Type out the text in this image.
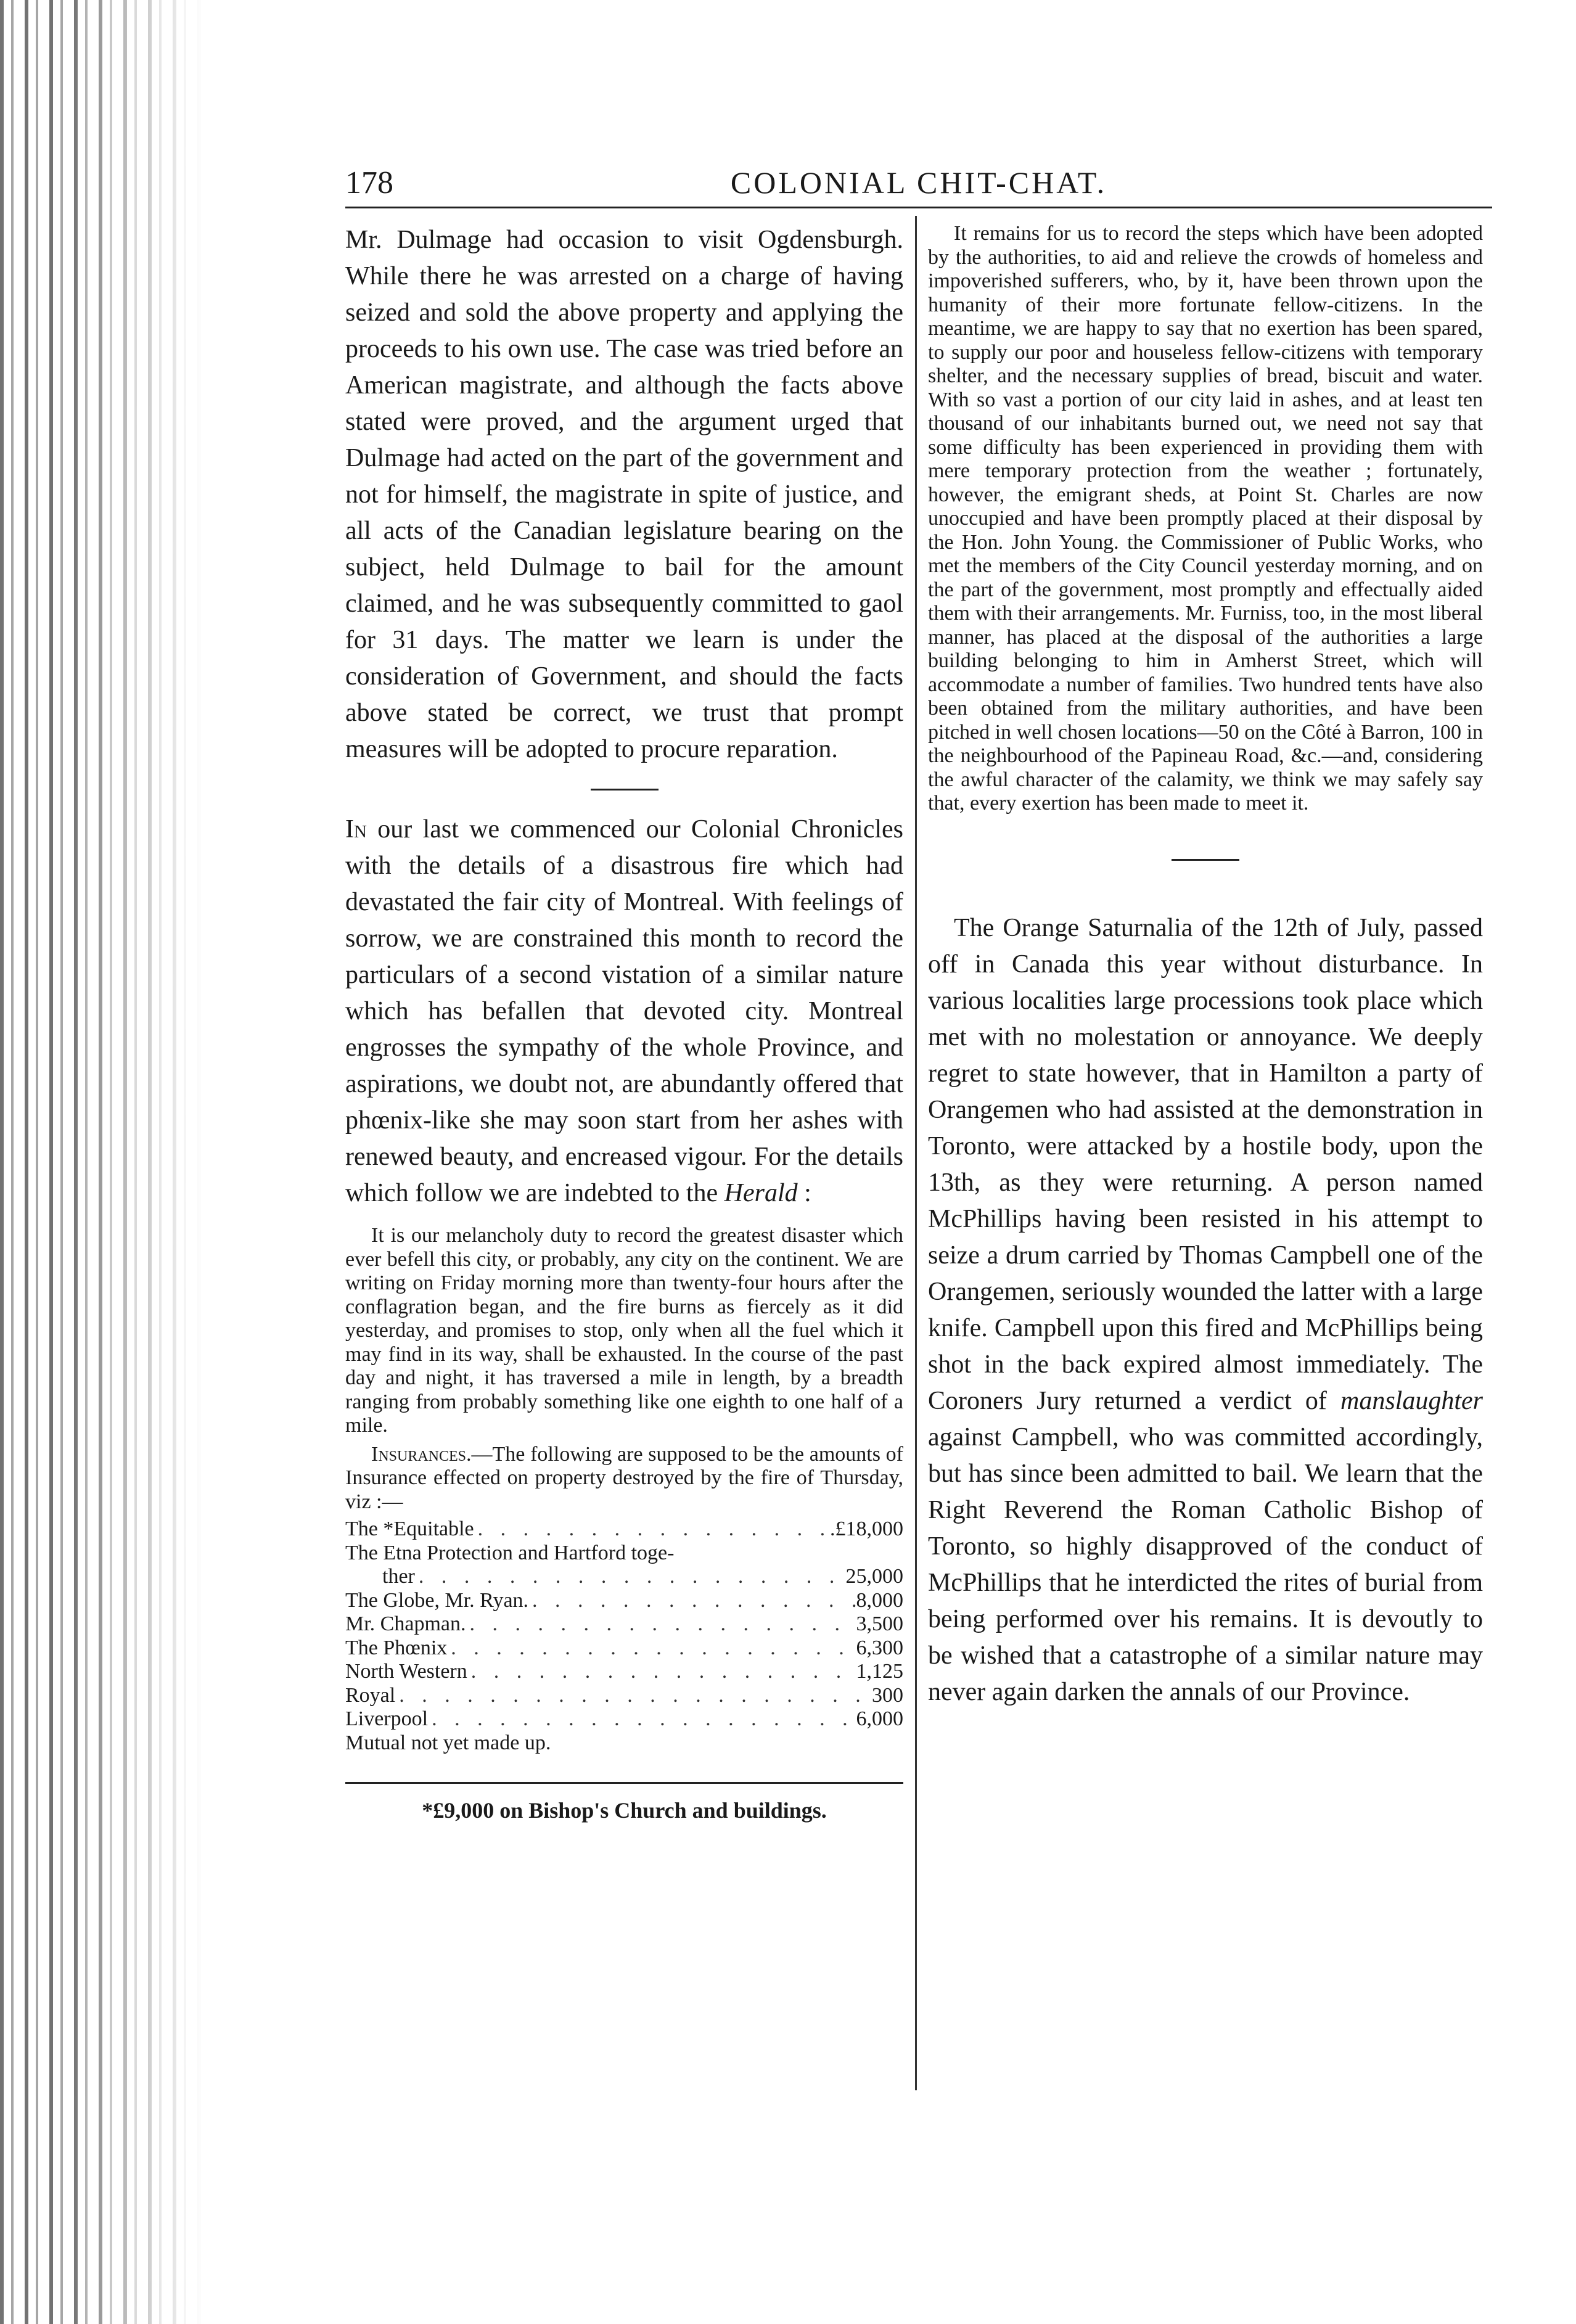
178	COLONIAL CHIT-CHAT.

Mr. Dulmage had occasion to visit Ogdensburgh. While there he was arrested on a charge of having seized and sold the above property and applying the proceeds to his own use. The case was tried before an American magistrate, and although the facts above stated were proved, and the argument urged that Dulmage had acted on the part of the government and not for himself, the magistrate in spite of justice, and all acts of the Canadian legislature bearing on the subject, held Dulmage to bail for the amount claimed, and he was subsequently committed to gaol for 31 days. The matter we learn is under the consideration of Government, and should the facts above stated be correct, we trust that prompt measures will be adopted to procure reparation.

In our last we commenced our Colonial Chronicles with the details of a disastrous fire which had devastated the fair city of Montreal. With feelings of sorrow, we are constrained this month to record the particulars of a second vistation of a similar nature which has befallen that devoted city. Montreal engrosses the sympathy of the whole Province, and aspirations, we doubt not, are abundantly offered that phœnix-like she may soon start from her ashes with renewed beauty, and encreased vigour. For the details which follow we are indebted to the Herald :

It is our melancholy duty to record the greatest disaster which ever befell this city, or probably, any city on the continent. We are writing on Friday morning more than twenty-four hours after the conflagration began, and the fire burns as fiercely as it did yesterday, and promises to stop, only when all the fuel which it may find in its way, shall be exhausted. In the course of the past day and night, it has traversed a mile in length, by a breadth ranging from probably something like one eighth to one half of a mile.

Insurances.—The following are supposed to be the amounts of Insurance effected on property destroyed by the fire of Thursday, viz :—

The *Equitable . . .	.£18,000
The Etna Protection and Hartford toge-
ther . . .	25,000
The Globe, Mr. Ryan. . . .	8,000
Mr. Chapman. . . .	3,500
The Phœnix . . .	6,300
North Western . . .	1,125
Royal . . .	300
Liverpool . . .	6,000
Mutual not yet made up.
*£9,000 on Bishop's Church and buildings.

It remains for us to record the steps which have been adopted by the authorities, to aid and relieve the crowds of homeless and impoverished sufferers, who, by it, have been thrown upon the humanity of their more fortunate fellow-citizens. In the meantime, we are happy to say that no exertion has been spared, to supply our poor and houseless fellow-citizens with temporary shelter, and the necessary supplies of bread, biscuit and water. With so vast a portion of our city laid in ashes, and at least ten thousand of our inhabitants burned out, we need not say that some difficulty has been experienced in providing them with mere temporary protection from the weather ; fortunately, however, the emigrant sheds, at Point St. Charles are now unoccupied and have been promptly placed at their disposal by the Hon. John Young. the Commissioner of Public Works, who met the members of the City Council yesterday morning, and on the part of the government, most promptly and effectually aided them with their arrangements. Mr. Furniss, too, in the most liberal manner, has placed at the disposal of the authorities a large building belonging to him in Amherst Street, which will accommodate a number of families. Two hundred tents have also been obtained from the military authorities, and have been pitched in well chosen locations—50 on the Côté à Barron, 100 in the neighbourhood of the Papineau Road, &c.—and, considering the awful character of the calamity, we think we may safely say that, every exertion has been made to meet it.

The Orange Saturnalia of the 12th of July, passed off in Canada this year without disturbance. In various localities large processions took place which met with no molestation or annoyance. We deeply regret to state however, that in Hamilton a party of Orangemen who had assisted at the demonstration in Toronto, were attacked by a hostile body, upon the 13th, as they were returning. A person named McPhillips having been resisted in his attempt to seize a drum carried by Thomas Campbell one of the Orangemen, seriously wounded the latter with a large knife. Campbell upon this fired and McPhillips being shot in the back expired almost immediately. The Coroners Jury returned a verdict of manslaughter against Campbell, who was committed accordingly, but has since been admitted to bail. We learn that the Right Reverend the Roman Catholic Bishop of Toronto, so highly disapproved of the conduct of McPhillips that he interdicted the rites of burial from being performed over his remains. It is devoutly to be wished that a catastrophe of a similar nature may never again darken the annals of our Province.
